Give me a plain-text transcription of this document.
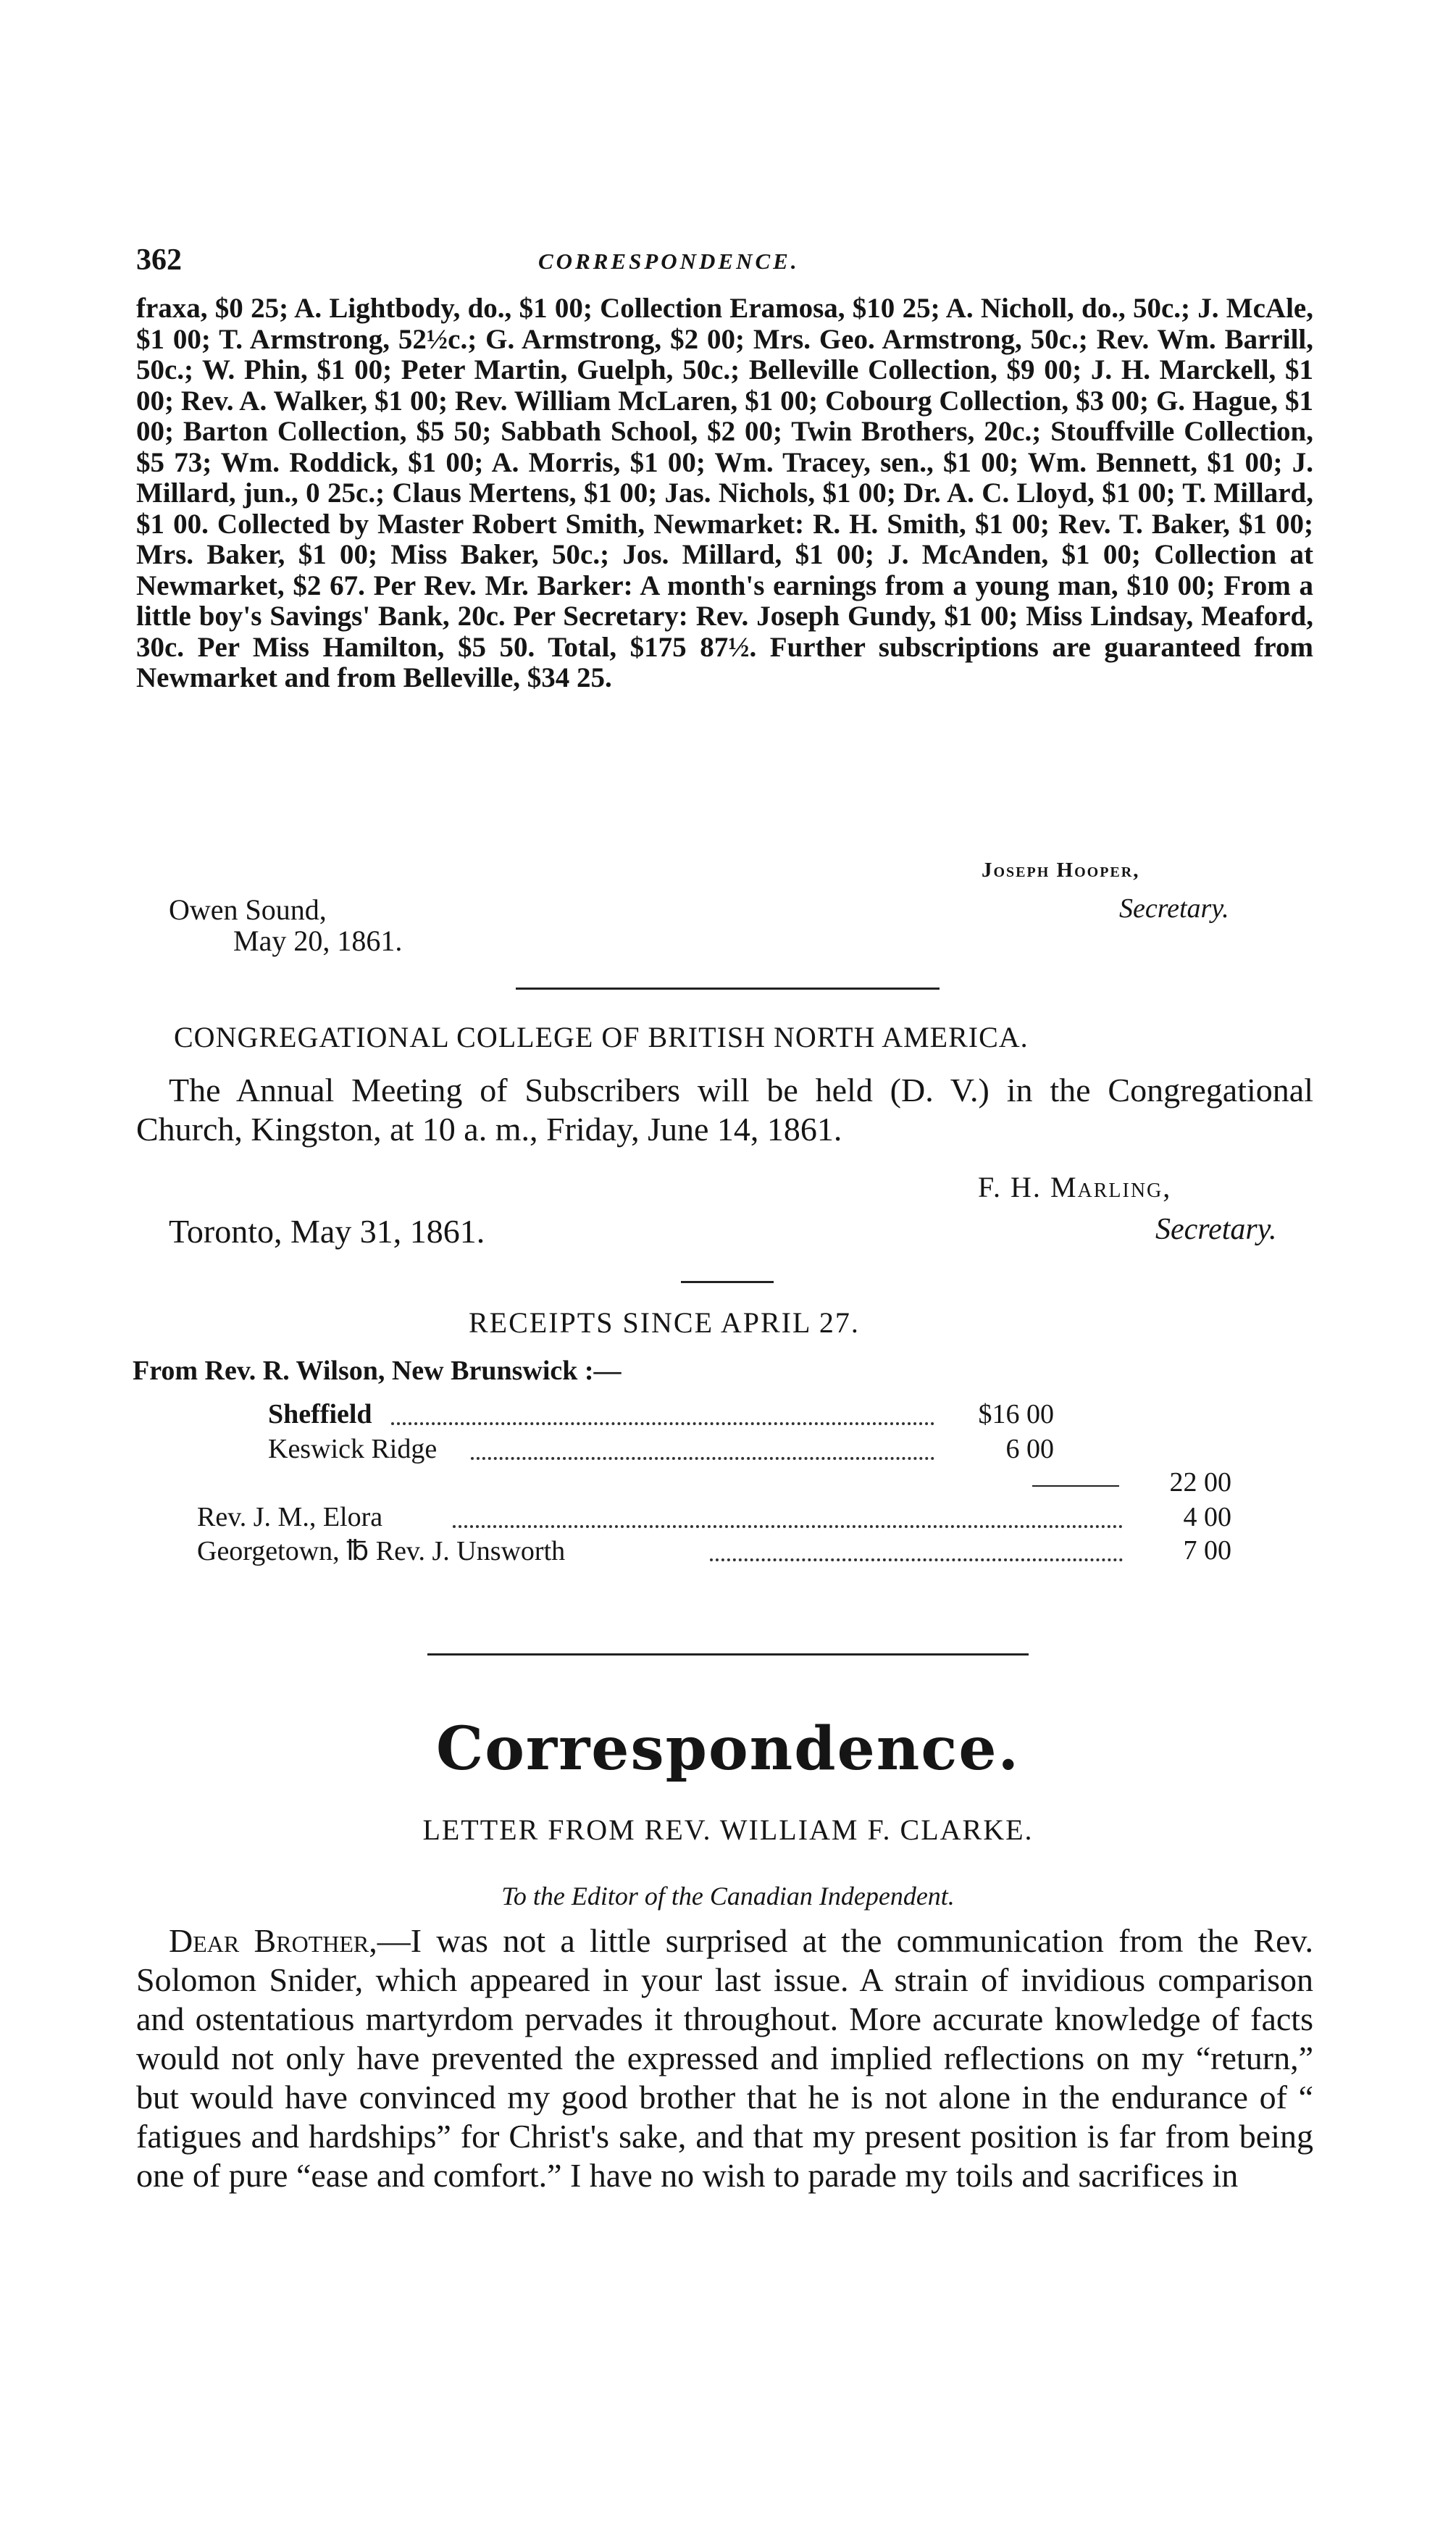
362	CORRESPONDENCE.
fraxa, $0 25; A. Lightbody, do., $1 00; Collection Eramosa, $10 25; A. Nicholl, do., 50c.; J. McAle, $1 00; T. Armstrong, 52½c.; G. Armstrong, $2 00; Mrs. Geo. Armstrong, 50c.; Rev. Wm. Barrill, 50c.; W. Phin, $1 00; Peter Martin, Guelph, 50c.; Belleville Collection, $9 00; J. H. Marckell, $1 00; Rev. A. Walker, $1 00; Rev. William McLaren, $1 00; Cobourg Collection, $3 00; G. Hague, $1 00; Barton Collection, $5 50; Sabbath School, $2 00; Twin Brothers, 20c.; Stouffville Collection, $5 73; Wm. Roddick, $1 00; A. Morris, $1 00; Wm. Tracey, sen., $1 00; Wm. Bennett, $1 00; J. Millard, jun., 0 25c.; Claus Mertens, $1 00; Jas. Nichols, $1 00; Dr. A. C. Lloyd, $1 00; T. Millard, $1 00. Collected by Master Robert Smith, Newmarket: R. H. Smith, $1 00; Rev. T. Baker, $1 00; Mrs. Baker, $1 00; Miss Baker, 50c.; Jos. Millard, $1 00; J. McAnden, $1 00; Collection at Newmarket, $2 67. Per Rev. Mr. Barker: A month's earnings from a young man, $10 00; From a little boy's Savings' Bank, 20c. Per Secretary: Rev. Joseph Gundy, $1 00; Miss Lindsay, Meaford, 30c. Per Miss Hamilton, $5 50. Total, $175 87½. Further subscriptions are guaranteed from Newmarket and from Belleville, $34 25.
Joseph Hooper,
Owen Sound,	Secretary.
May 20, 1861.
CONGREGATIONAL COLLEGE OF BRITISH NORTH AMERICA.
The Annual Meeting of Subscribers will be held (D. V.) in the Congregational Church, Kingston, at 10 a. m., Friday, June 14, 1861.
F. H. Marling,
Toronto, May 31, 1861.	Secretary.
RECEIPTS SINCE APRIL 27.
From Rev. R. Wilson, New Brunswick :—
Sheffield	$16 00
Keswick Ridge	6 00
22 00
Rev. J. M., Elora	4 00
Georgetown, ℔ Rev. J. Unsworth	7 00
Correspondence.
LETTER FROM REV. WILLIAM F. CLARKE.
To the Editor of the Canadian Independent.
Dear Brother,—I was not a little surprised at the communication from the Rev. Solomon Snider, which appeared in your last issue. A strain of invidious comparison and ostentatious martyrdom pervades it throughout. More accurate knowledge of facts would not only have prevented the expressed and implied reflections on my “return,” but would have convinced my good brother that he is not alone in the endurance of “ fatigues and hardships” for Christ's sake, and that my present position is far from being one of pure “ease and comfort.” I have no wish to parade my toils and sacrifices in
